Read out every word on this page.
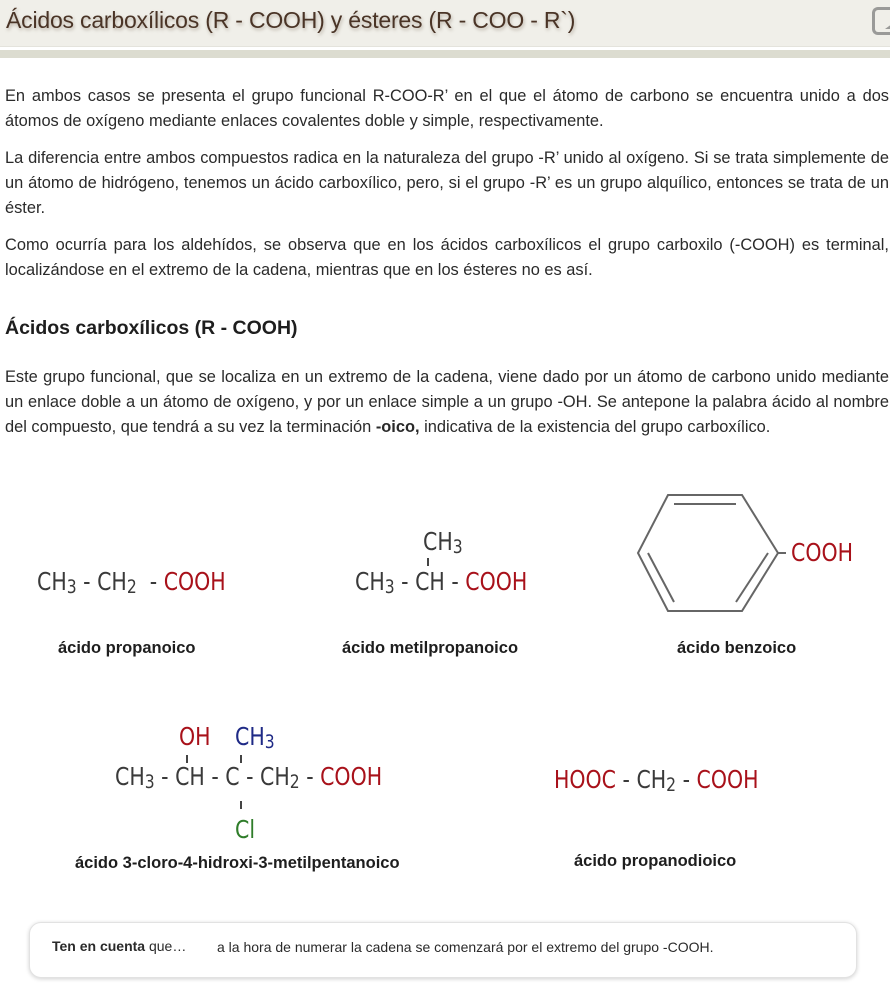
Ácidos carboxílicos (R - COOH) y ésteres (R - COO - R`)

En ambos casos se presenta el grupo funcional R-COO-R’ en el que el átomo de carbono se encuentra unido a dos átomos de oxígeno mediante enlaces covalentes doble y simple, respectivamente.

La diferencia entre ambos compuestos radica en la naturaleza del grupo -R’ unido al oxígeno. Si se trata simplemente de un átomo de hidrógeno, tenemos un ácido carboxílico, pero, si el grupo -R’ es un grupo alquílico, entonces se trata de un éster.

Como ocurría para los aldehídos, se observa que en los ácidos carboxílicos el grupo carboxilo (-COOH) es terminal, localizándose en el extremo de la cadena, mientras que en los ésteres no es así.

Ácidos carboxílicos (R - COOH)

Este grupo funcional, que se localiza en un extremo de la cadena, viene dado por un átomo de carbono unido mediante un enlace doble a un átomo de oxígeno, y por un enlace simple a un grupo -OH. Se antepone la palabra ácido al nombre del compuesto, que tendrá a su vez la terminación -oico, indicativa de la existencia del grupo carboxílico.

$CH_3 - CH_2$  - COOH
ácido propanoico
$CH_3$
$CH_3$ - CH - COOH
ácido metilpropanoico
COOH
ácido benzoico
OH $CH_3$
$CH_3$ - CH - C - $CH_2$ - COOH
Cl
ácido 3-cloro-4-hidroxi-3-metilpentanoico
HOOC - $CH_2$ - COOH
ácido propanodioico
Ten en cuenta que… a la hora de numerar la cadena se comenzará por el extremo del grupo -COOH.
